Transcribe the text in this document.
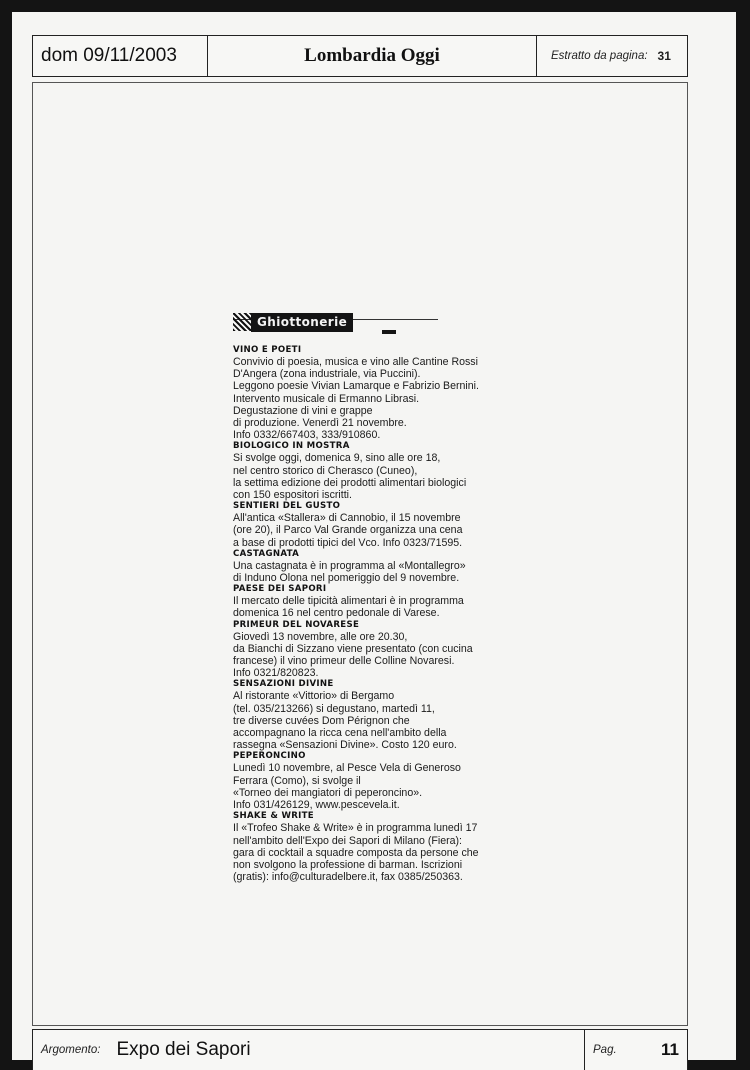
dom 09/11/2003	Lombardia Oggi	Estratto da pagina: 31
Ghiottonerie
VINO E POETI
Convivio di poesia, musica e vino alle Cantine Rossi
D'Angera (zona industriale, via Puccini).
Leggono poesie Vivian Lamarque e Fabrizio Bernini.
Intervento musicale di Ermanno Librasi.
Degustazione di vini e grappe
di produzione. Venerdì 21 novembre.
Info 0332/667403, 333/910860.
BIOLOGICO IN MOSTRA
Si svolge oggi, domenica 9, sino alle ore 18,
nel centro storico di Cherasco (Cuneo),
la settima edizione dei prodotti alimentari biologici
con 150 espositori iscritti.
SENTIERI DEL GUSTO
All'antica «Stallera» di Cannobio, il 15 novembre
(ore 20), il Parco Val Grande organizza una cena
a base di prodotti tipici del Vco. Info 0323/71595.
CASTAGNATA
Una castagnata è in programma al «Montallegro»
di Induno Olona nel pomeriggio del 9 novembre.
PAESE DEI SAPORI
Il mercato delle tipicità alimentari è in programma
domenica 16 nel centro pedonale di Varese.
PRIMEUR DEL NOVARESE
Giovedì 13 novembre, alle ore 20.30,
da Bianchi di Sizzano viene presentato (con cucina
francese) il vino primeur delle Colline Novaresi.
Info 0321/820823.
SENSAZIONI DIVINE
Al ristorante «Vittorio» di Bergamo
(tel. 035/213266) si degustano, martedì 11,
tre diverse cuvées Dom Pérignon che
accompagnano la ricca cena nell'ambito della
rassegna «Sensazioni Divine». Costo 120 euro.
PEPERONCINO
Lunedì 10 novembre, al Pesce Vela di Generoso
Ferrara (Como), si svolge il
«Torneo dei mangiatori di peperoncino».
Info 031/426129, www.pescevela.it.
SHAKE & WRITE
Il «Trofeo Shake & Write» è in programma lunedì 17
nell'ambito dell'Expo dei Sapori di Milano (Fiera):
gara di cocktail a squadre composta da persone che
non svolgono la professione di barman. Iscrizioni
(gratis): info@culturadelbere.it, fax 0385/250363.
Argomento: Expo dei Sapori	Pag.	11
